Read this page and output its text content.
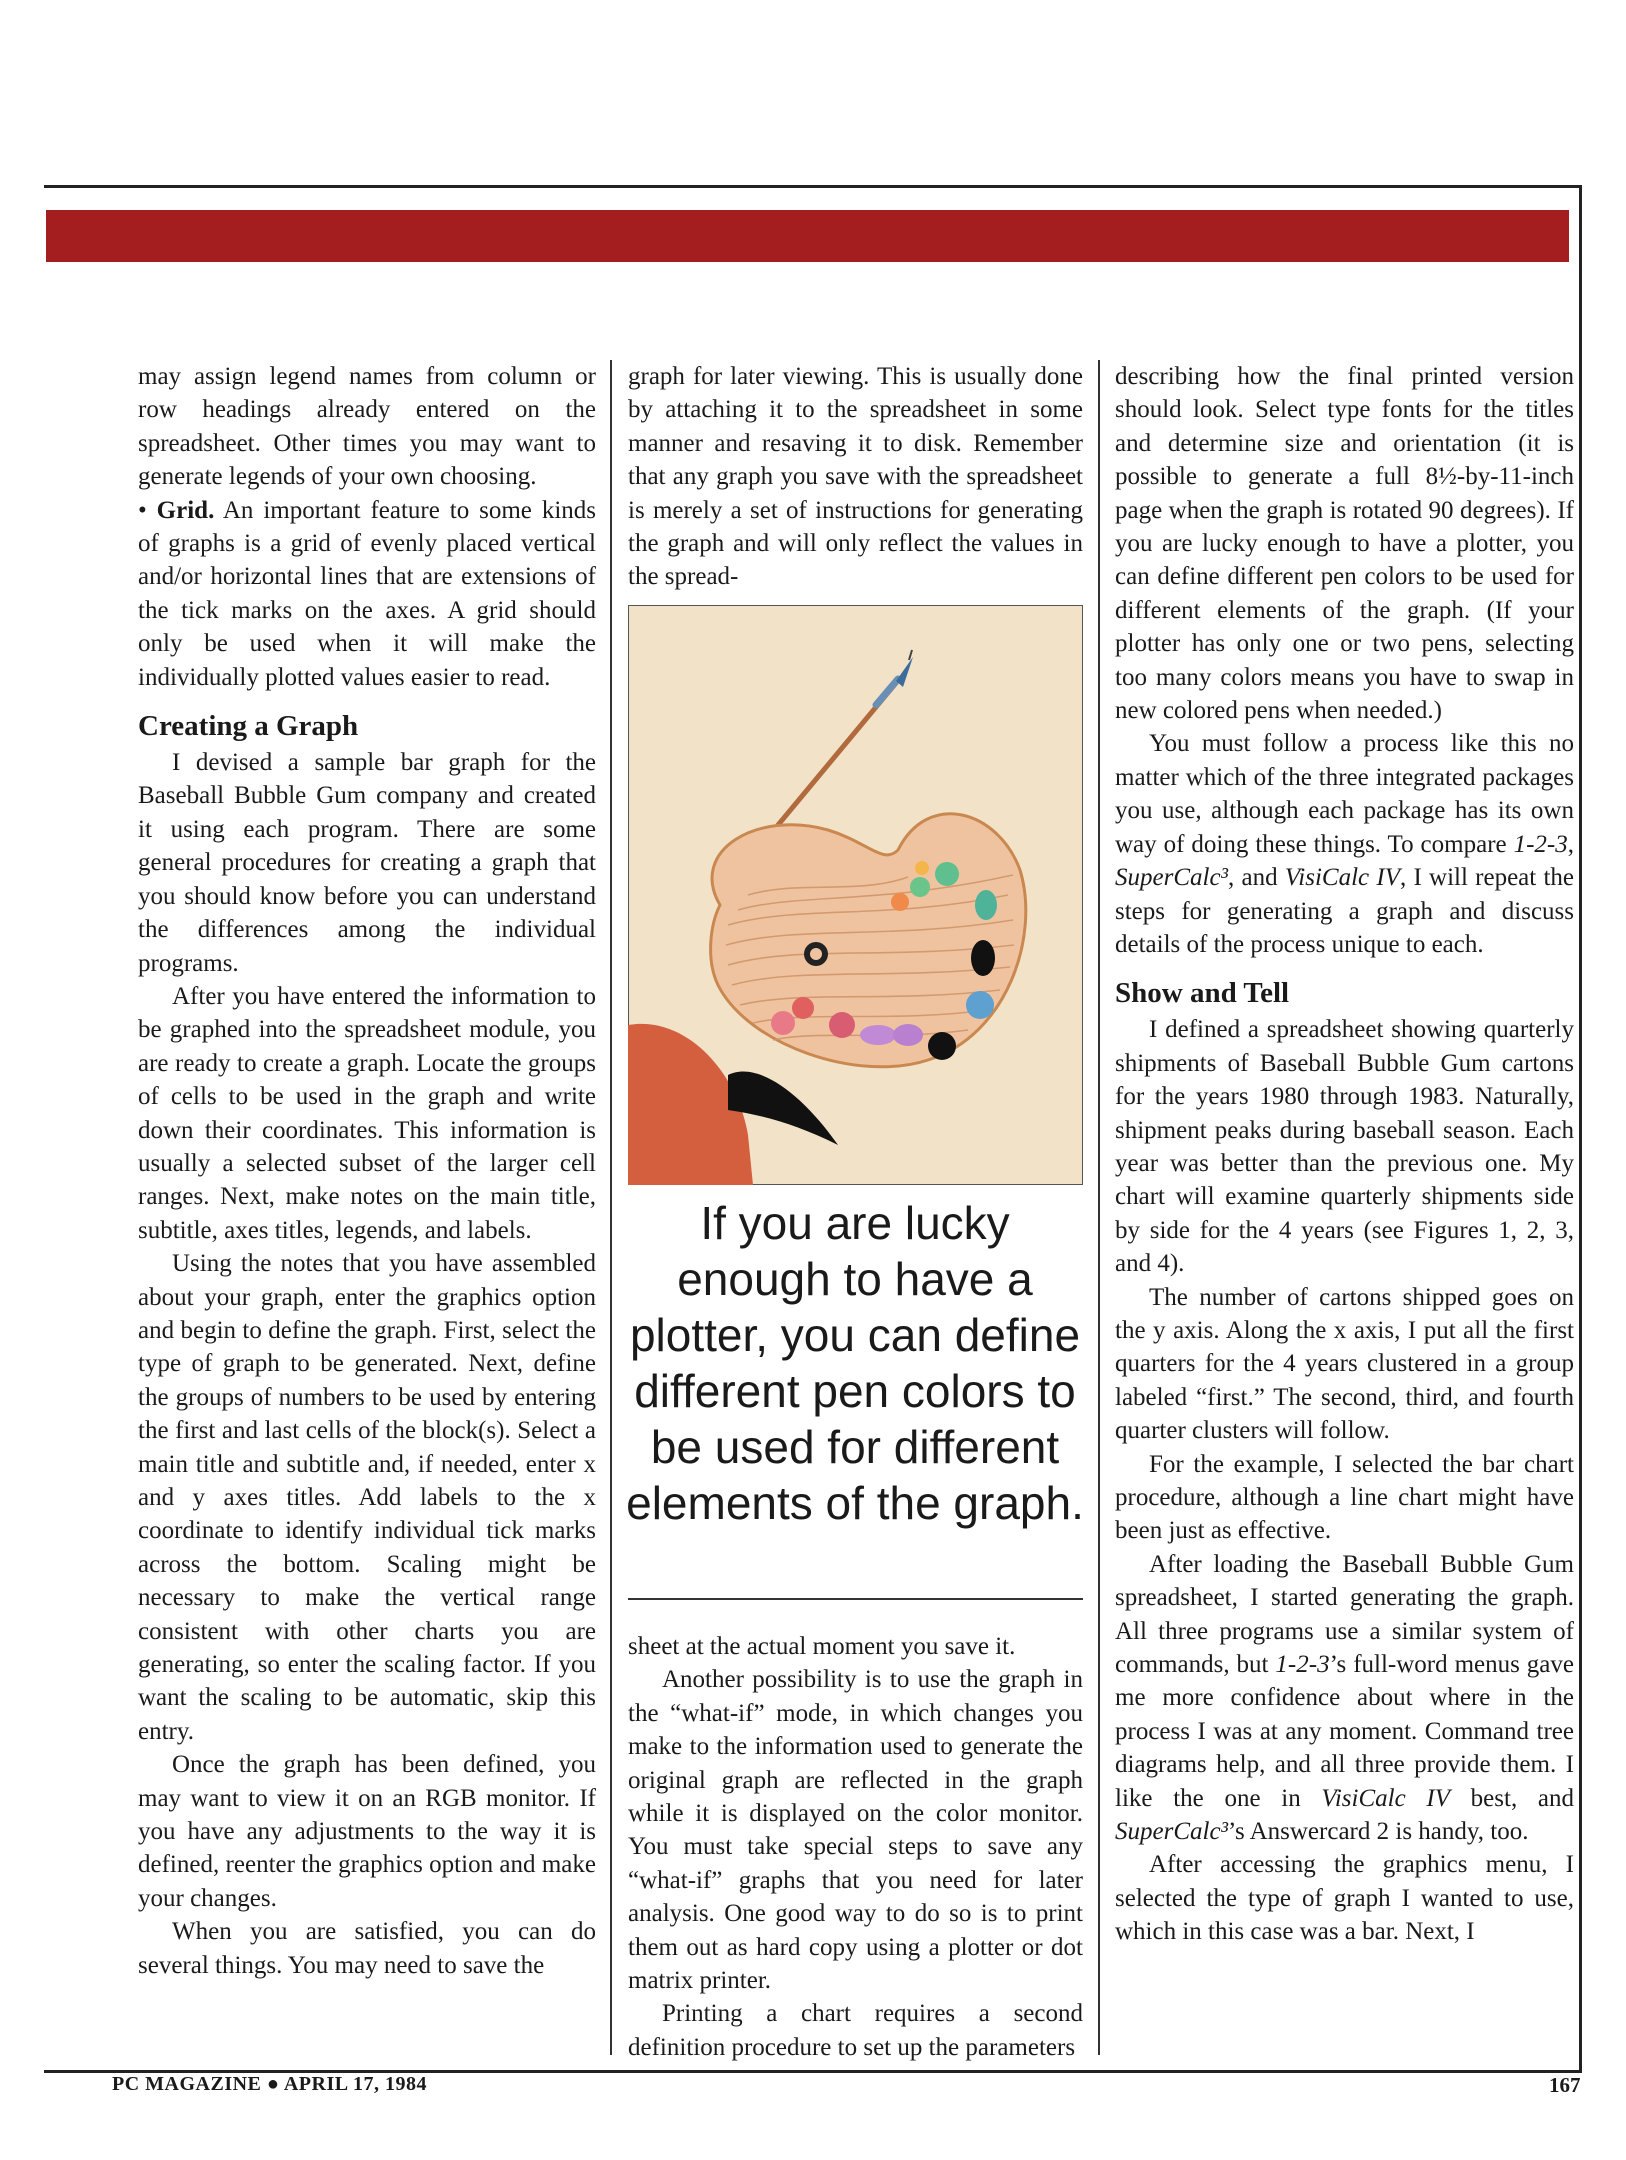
may assign legend names from column or row headings already entered on the spreadsheet. Other times you may want to generate legends of your own choosing.

• Grid. An important feature to some kinds of graphs is a grid of evenly placed vertical and/or horizontal lines that are extensions of the tick marks on the axes. A grid should only be used when it will make the individually plotted values easier to read.

Creating a Graph

I devised a sample bar graph for the Baseball Bubble Gum company and created it using each program. There are some general procedures for creating a graph that you should know before you can understand the differences among the individual programs.

After you have entered the information to be graphed into the spreadsheet module, you are ready to create a graph. Locate the groups of cells to be used in the graph and write down their coordinates. This information is usually a selected subset of the larger cell ranges. Next, make notes on the main title, subtitle, axes titles, legends, and labels.

Using the notes that you have assembled about your graph, enter the graphics option and begin to define the graph. First, select the type of graph to be generated. Next, define the groups of numbers to be used by entering the first and last cells of the block(s). Select a main title and subtitle and, if needed, enter x and y axes titles. Add labels to the x coordinate to identify individual tick marks across the bottom. Scaling might be necessary to make the vertical range consistent with other charts you are generating, so enter the scaling factor. If you want the scaling to be automatic, skip this entry.

Once the graph has been defined, you may want to view it on an RGB monitor. If you have any adjustments to the way it is defined, reenter the graphics option and make your changes.

When you are satisfied, you can do several things. You may need to save the

graph for later viewing. This is usually done by attaching it to the spreadsheet in some manner and resaving it to disk. Remember that any graph you save with the spreadsheet is merely a set of instructions for generating the graph and will only reflect the values in the spread-

If you are lucky enough to have a plotter, you can define different pen colors to be used for different elements of the graph.

sheet at the actual moment you save it.

Another possibility is to use the graph in the “what-if” mode, in which changes you make to the information used to generate the original graph are reflected in the graph while it is displayed on the color monitor. You must take special steps to save any “what-if” graphs that you need for later analysis. One good way to do so is to print them out as hard copy using a plotter or dot matrix printer.

Printing a chart requires a second definition procedure to set up the parameters

describing how the final printed version should look. Select type fonts for the titles and determine size and orientation (it is possible to generate a full 8½-by-11-inch page when the graph is rotated 90 degrees). If you are lucky enough to have a plotter, you can define different pen colors to be used for different elements of the graph. (If your plotter has only one or two pens, selecting too many colors means you have to swap in new colored pens when needed.)

You must follow a process like this no matter which of the three integrated packages you use, although each package has its own way of doing these things. To compare 1-2-3, SuperCalc³, and VisiCalc IV, I will repeat the steps for generating a graph and discuss details of the process unique to each.

Show and Tell

I defined a spreadsheet showing quarterly shipments of Baseball Bubble Gum cartons for the years 1980 through 1983. Naturally, shipment peaks during baseball season. Each year was better than the previous one. My chart will examine quarterly shipments side by side for the 4 years (see Figures 1, 2, 3, and 4).

The number of cartons shipped goes on the y axis. Along the x axis, I put all the first quarters for the 4 years clustered in a group labeled “first.” The second, third, and fourth quarter clusters will follow.

For the example, I selected the bar chart procedure, although a line chart might have been just as effective.

After loading the Baseball Bubble Gum spreadsheet, I started generating the graph. All three programs use a similar system of commands, but 1-2-3’s full-word menus gave me more confidence about where in the process I was at any moment. Command tree diagrams help, and all three provide them. I like the one in VisiCalc IV best, and SuperCalc³’s Answercard 2 is handy, too.

After accessing the graphics menu, I selected the type of graph I wanted to use, which in this case was a bar. Next, I

PC MAGAZINE ● APRIL 17, 1984	167
